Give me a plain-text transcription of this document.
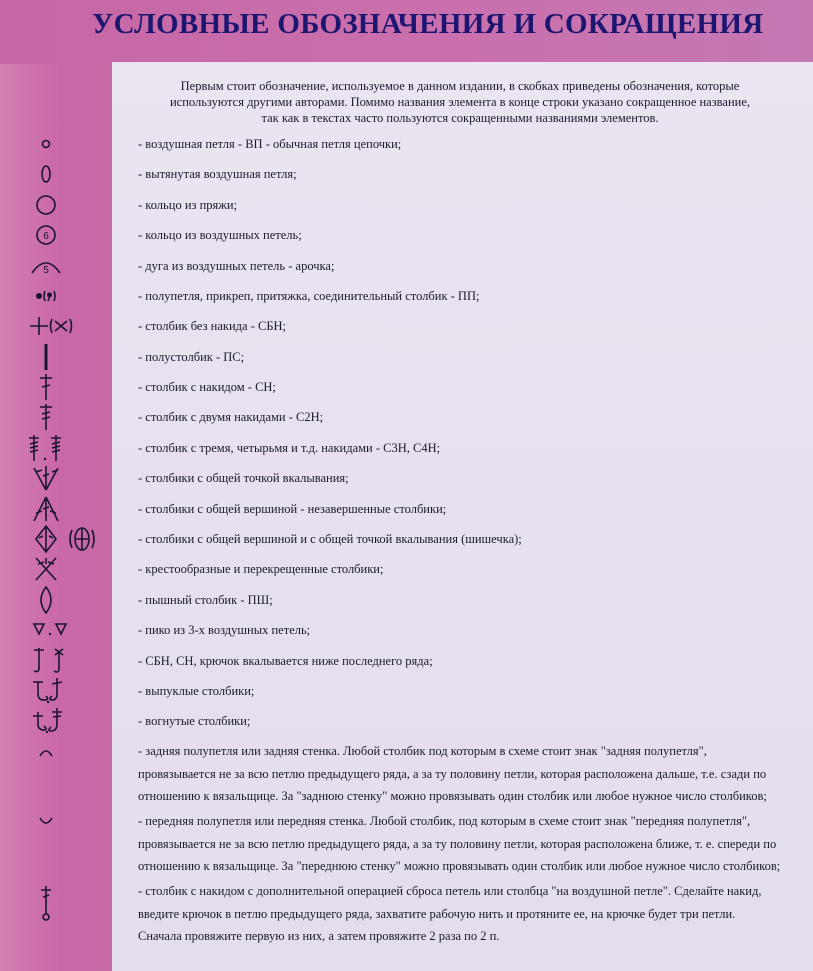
УСЛОВНЫЕ ОБОЗНАЧЕНИЯ И СОКРАЩЕНИЯ

Первым стоит обозначение, используемое в данном издании, в скобках приведены обозначения, которые

используются другими авторами. Помимо названия элемента в конце строки указано сокращенное название,

так как в текстах часто пользуются сокращенными названиями элементов.

- воздушная петля - ВП - обычная петля цепочки;
- вытянутая воздушная петля;
- кольцо из пряжи;
- кольцо из воздушных петель;
- дуга из воздушных петель - арочка;
- полупетля, прикреп, притяжка, соединительный столбик - ПП;
- столбик без накида - СБН;
- полустолбик - ПС;
- столбик с накидом - СН;
- столбик с двумя накидами - С2Н;
- столбик с тремя, четырьмя и т.д. накидами - С3Н, С4Н;
- столбики с общей точкой вкалывания;
- столбики с общей вершиной - незавершенные столбики;
- столбики с общей вершиной и с общей точкой вкалывания (шишечка);
- крестообразные и перекрещенные столбики;
- пышный столбик - ПШ;
- пико из 3-х воздушных петель;
- СБН, СН, крючок вкалывается ниже последнего ряда;
- выпуклые столбики;
- вогнутые столбики;

- задняя полупетля или задняя стенка. Любой столбик под которым в схеме стоит знак "задняя полупетля",

провязывается не за всю петлю предыдущего ряда, а за ту половину петли, которая расположена дальше, т.е. сзади по

отношению к вязальщице. За "заднюю стенку" можно провязывать один столбик или любое нужное число столбиков;

- передняя полупетля или передняя стенка. Любой столбик, под которым в схеме стоит знак "передняя полупетля",

провязывается не за всю петлю предыдущего ряда, а за ту половину петли, которая расположена ближе, т. е. спереди по

отношению к вязальщице. За "переднюю стенку" можно провязывать один столбик или любое нужное число столбиков;

- столбик с накидом с дополнительной операцией сброса петель или столбца "на воздушной петле". Сделайте накид,

введите крючок в петлю предыдущего ряда, захватите рабочую нить и протяните ее, на крючке будет три петли.

Сначала провяжите первую из них, а затем провяжите 2 раза по 2 п.

6
5
